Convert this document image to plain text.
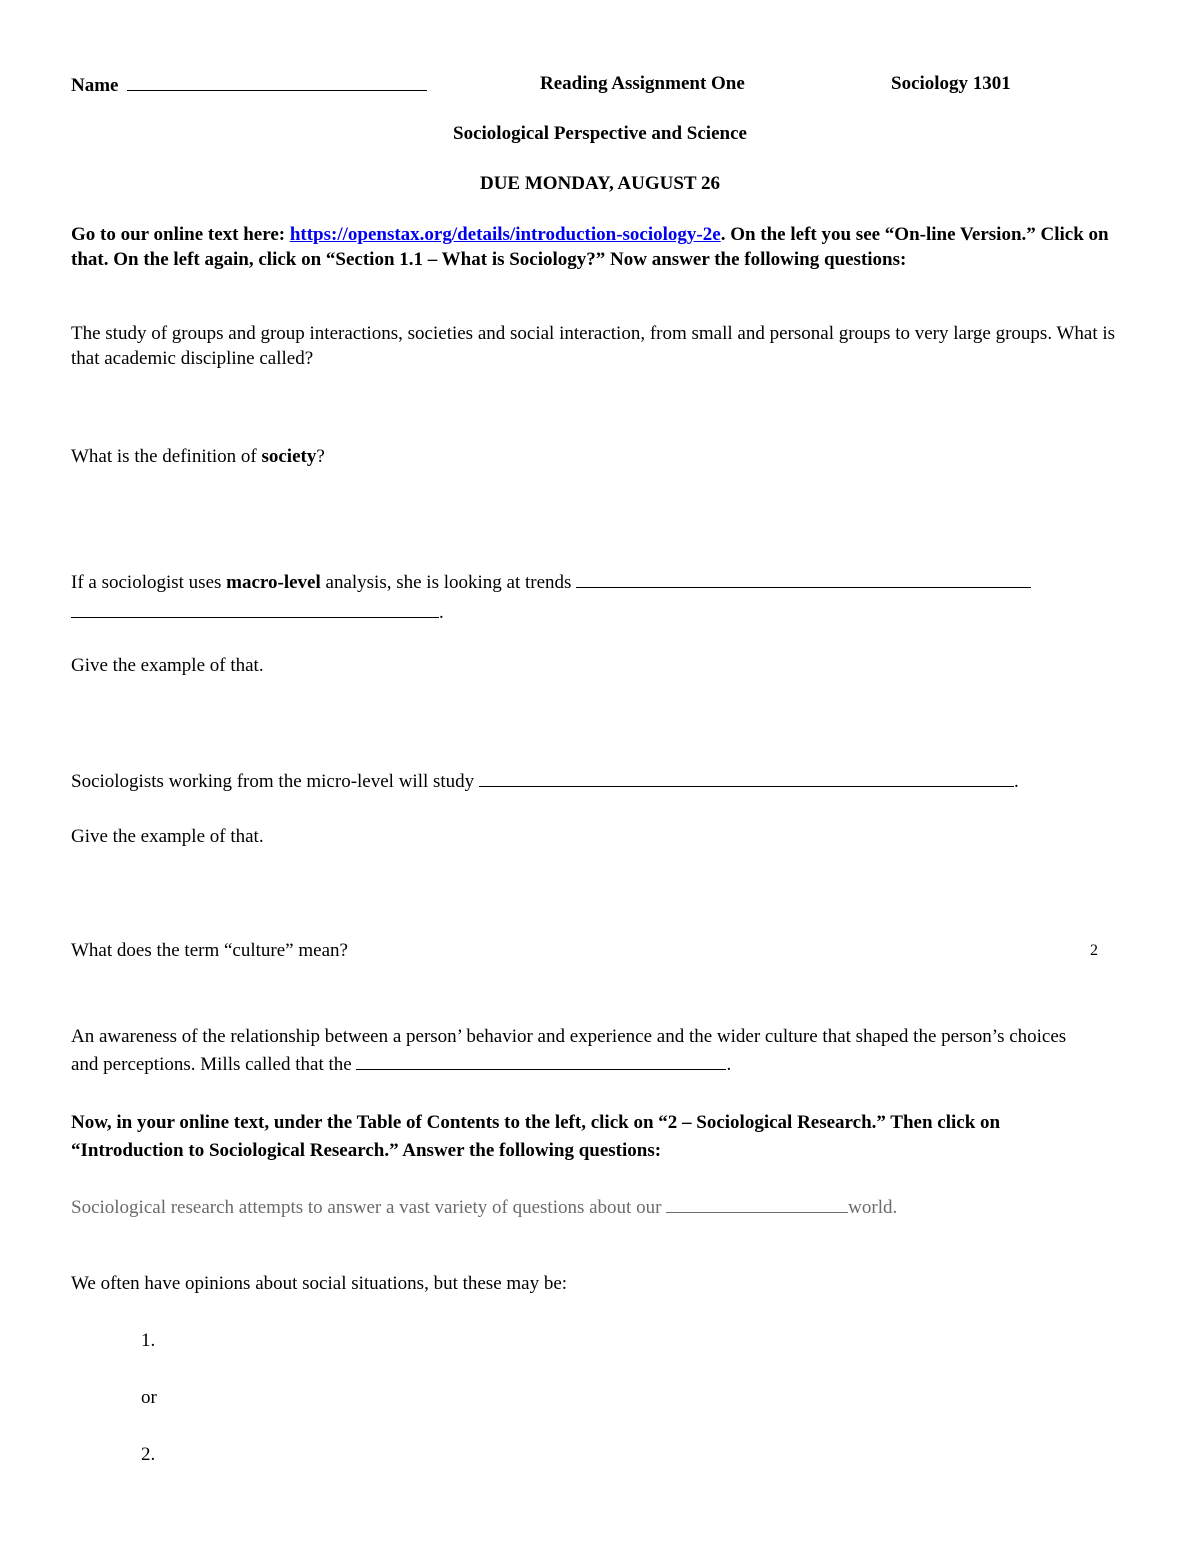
Name	Reading Assignment One	Sociology 1301
Sociological Perspective and Science
DUE MONDAY, AUGUST 26
Go to our online text here: https://openstax.org/details/introduction-sociology-2e. On the left you see “On-line Version.” Click on that. On the left again, click on “Section 1.1 – What is Sociology?” Now answer the following questions:
The study of groups and group interactions, societies and social interaction, from small and personal groups to very large groups. What is that academic discipline called?
What is the definition of society?
If a sociologist uses macro-level analysis, she is looking at trends
.
Give the example of that.
Sociologists working from the micro-level will study	.
Give the example of that.
What does the term “culture” mean?	2
An awareness of the relationship between a person’ behavior and experience and the wider culture that shaped the person’s choices and perceptions. Mills called that the	.
Now, in your online text, under the Table of Contents to the left, click on “2 – Sociological Research.” Then click on “Introduction to Sociological Research.” Answer the following questions:
Sociological research attempts to answer a vast variety of questions about our	world.
We often have opinions about social situations, but these may be:
1.
or
2.
